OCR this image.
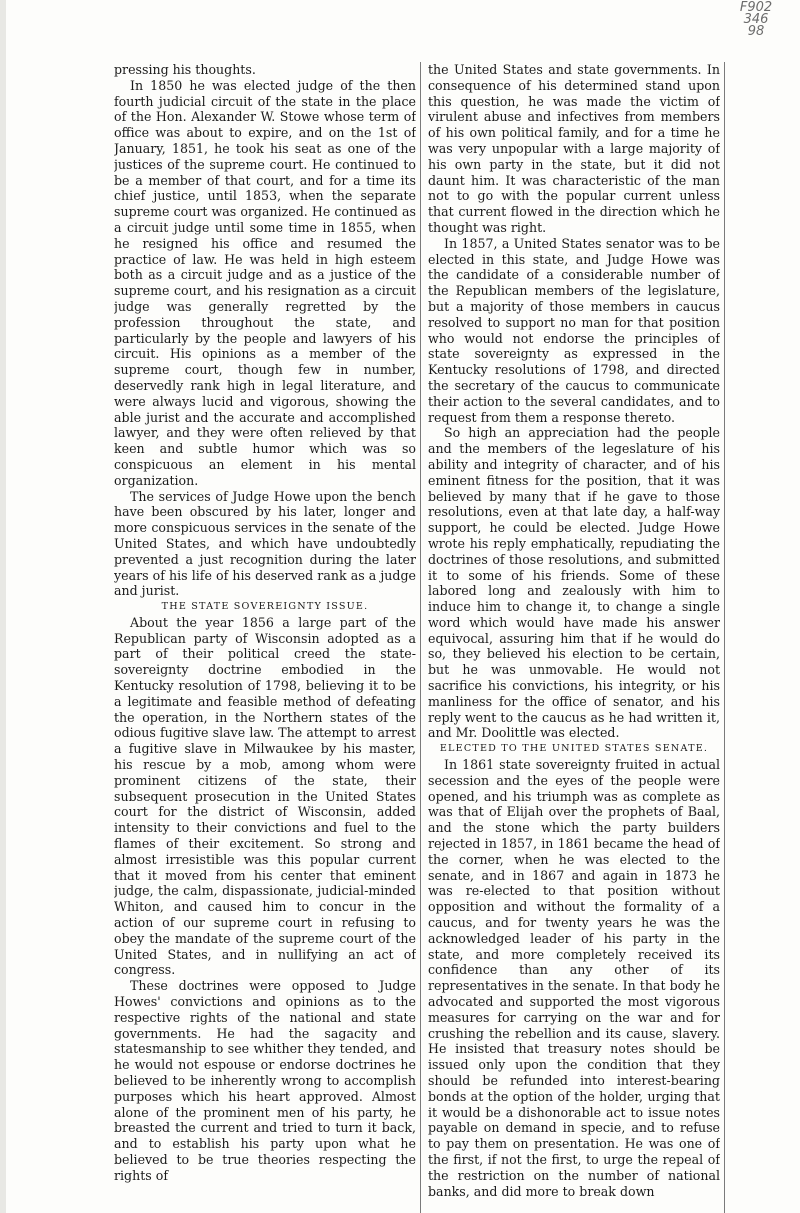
F902
346
98

pressing his thoughts.

In 1850 he was elected judge of the then fourth judicial circuit of the state in the place of the Hon. Alexander W. Stowe whose term of office was about to expire, and on the 1st of January, 1851, he took his seat as one of the justices of the supreme court. He continued to be a member of that court, and for a time its chief justice, until 1853, when the separate supreme court was organized. He continued as a circuit judge until some time in 1855, when he resigned his office and resumed the practice of law. He was held in high esteem both as a circuit judge and as a justice of the supreme court, and his resignation as a circuit judge was generally regretted by the profession throughout the state, and particularly by the people and lawyers of his circuit. His opinions as a member of the supreme court, though few in number, deservedly rank high in legal literature, and were always lucid and vigorous, showing the able jurist and the accurate and accomplished lawyer, and they were often relieved by that keen and subtle humor which was so conspicuous an element in his mental organization.

The services of Judge Howe upon the bench have been obscured by his later, longer and more conspicuous services in the senate of the United States, and which have undoubtedly prevented a just recognition during the later years of his life of his deserved rank as a judge and jurist.

THE STATE SOVEREIGNTY ISSUE.

About the year 1856 a large part of the Republican party of Wisconsin adopted as a part of their political creed the state-sovereignty doctrine embodied in the Kentucky resolution of 1798, believing it to be a legitimate and feasible method of defeating the operation, in the Northern states of the odious fugitive slave law. The attempt to arrest a fugitive slave in Milwaukee by his master, his rescue by a mob, among whom were prominent citizens of the state, their subsequent prosecution in the United States court for the district of Wisconsin, added intensity to their convictions and fuel to the flames of their excitement. So strong and almost irresistible was this popular current that it moved from his center that eminent judge, the calm, dispassionate, judicial-minded Whiton, and caused him to concur in the action of our supreme court in refusing to obey the mandate of the supreme court of the United States, and in nullifying an act of congress.

These doctrines were opposed to Judge Howes' convictions and opinions as to the respective rights of the national and state governments. He had the sagacity and statesmanship to see whither they tended, and he would not espouse or endorse doctrines he believed to be inherently wrong to accomplish purposes which his heart approved. Almost alone of the prominent men of his party, he breasted the current and tried to turn it back, and to establish his party upon what he believed to be true theories respecting the rights of

the United States and state governments. In consequence of his determined stand upon this question, he was made the victim of virulent abuse and infectives from members of his own political family, and for a time he was very unpopular with a large majority of his own party in the state, but it did not daunt him. It was characteristic of the man not to go with the popular current unless that current flowed in the direction which he thought was right.

In 1857, a United States senator was to be elected in this state, and Judge Howe was the candidate of a considerable number of the Republican members of the legislature, but a majority of those members in caucus resolved to support no man for that position who would not endorse the principles of state sovereignty as expressed in the Kentucky resolutions of 1798, and directed the secretary of the caucus to communicate their action to the several candidates, and to request from them a response thereto.

So high an appreciation had the people and the members of the legeslature of his ability and integrity of character, and of his eminent fitness for the position, that it was believed by many that if he gave to those resolutions, even at that late day, a half-way support, he could be elected. Judge Howe wrote his reply emphatically, repudiating the doctrines of those resolutions, and submitted it to some of his friends. Some of these labored long and zealously with him to induce him to change it, to change a single word which would have made his answer equivocal, assuring him that if he would do so, they believed his election to be certain, but he was unmovable. He would not sacrifice his convictions, his integrity, or his manliness for the office of senator, and his reply went to the caucus as he had written it, and Mr. Doolittle was elected.

ELECTED TO THE UNITED STATES SENATE.

In 1861 state sovereignty fruited in actual secession and the eyes of the people were opened, and his triumph was as complete as was that of Elijah over the prophets of Baal, and the stone which the party builders rejected in 1857, in 1861 became the head of the corner, when he was elected to the senate, and in 1867 and again in 1873 he was re-elected to that position without opposition and without the formality of a caucus, and for twenty years he was the acknowledged leader of his party in the state, and more completely received its confidence than any other of its representatives in the senate. In that body he advocated and supported the most vigorous measures for carrying on the war and for crushing the rebellion and its cause, slavery. He insisted that treasury notes should be issued only upon the condition that they should be refunded into interest-bearing bonds at the option of the holder, urging that it would be a dishonorable act to issue notes payable on demand in specie, and to refuse to pay them on presentation. He was one of the first, if not the first, to urge the repeal of the restriction on the number of national banks, and did more to break down
